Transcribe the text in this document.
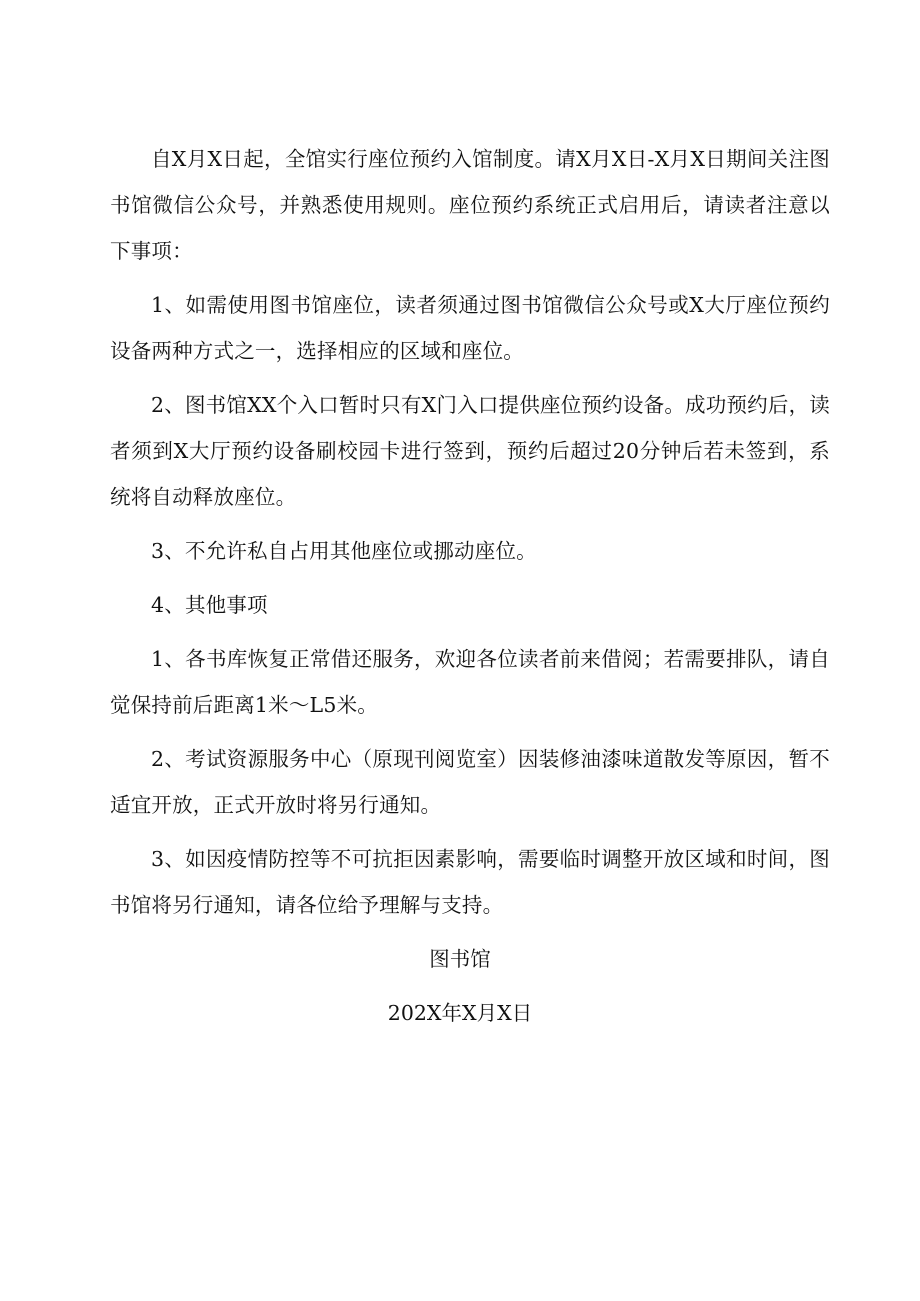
自X月X日起，全馆实行座位预约入馆制度。请X月X日-X月X日期间关注图书馆微信公众号，并熟悉使用规则。座位预约系统正式启用后，请读者注意以下事项：

1、如需使用图书馆座位，读者须通过图书馆微信公众号或X大厅座位预约设备两种方式之一，选择相应的区域和座位。

2、图书馆XX个入口暂时只有X门入口提供座位预约设备。成功预约后，读者须到X大厅预约设备刷校园卡进行签到，预约后超过20分钟后若未签到，系统将自动释放座位。

3、不允许私自占用其他座位或挪动座位。

4、其他事项

1、各书库恢复正常借还服务，欢迎各位读者前来借阅；若需要排队，请自觉保持前后距离1米～L5米。

2、考试资源服务中心（原现刊阅览室）因装修油漆味道散发等原因，暂不适宜开放，正式开放时将另行通知。

3、如因疫情防控等不可抗拒因素影响，需要临时调整开放区域和时间，图书馆将另行通知，请各位给予理解与支持。

图书馆

202X年X月X日
